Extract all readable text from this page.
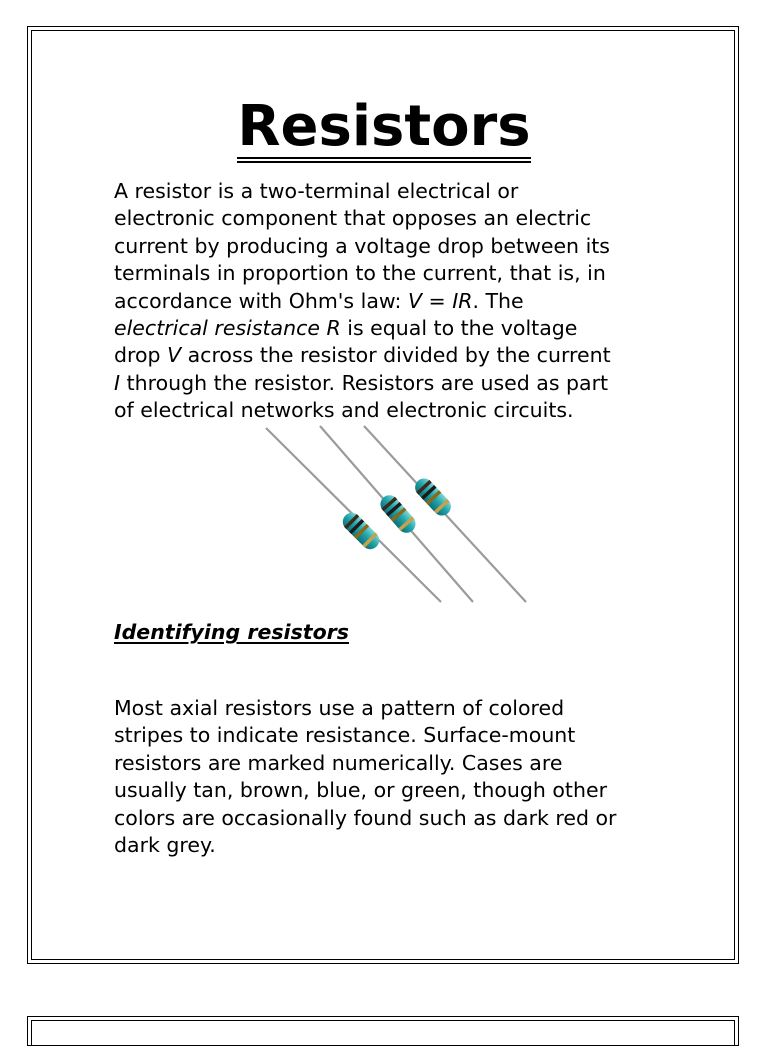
Resistors

A resistor is a two-terminal electrical or
electronic component that opposes an electric
current by producing a voltage drop between its
terminals in proportion to the current, that is, in
accordance with Ohm's law: V = IR. The
electrical resistance R is equal to the voltage
drop V across the resistor divided by the current
I through the resistor. Resistors are used as part
of electrical networks and electronic circuits.

Identifying resistors

Most axial resistors use a pattern of colored
stripes to indicate resistance. Surface-mount
resistors are marked numerically. Cases are
usually tan, brown, blue, or green, though other
colors are occasionally found such as dark red or
dark grey.
